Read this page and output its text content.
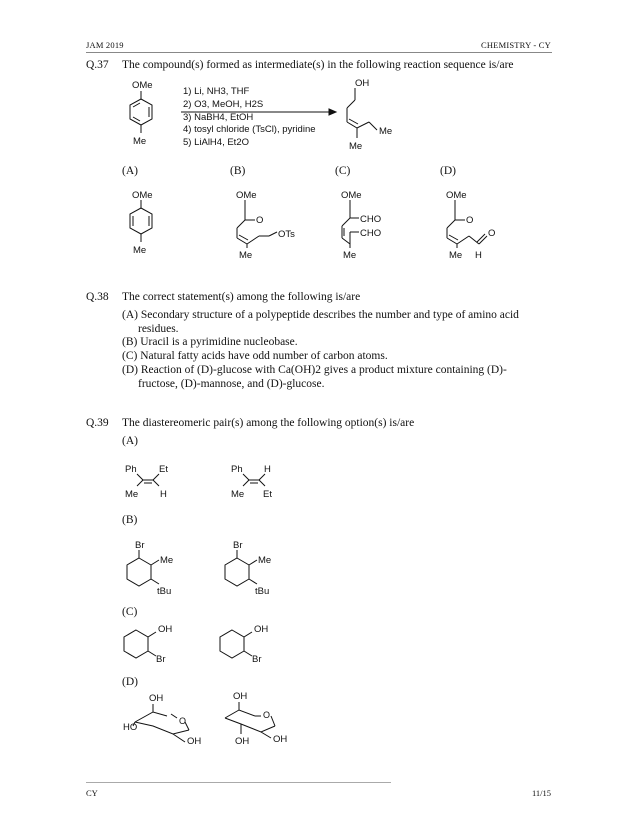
JAM 2019	CHEMISTRY - CY
Q.37 The compound(s) formed as intermediate(s) in the following reaction sequence is/are
OMe
Me
1) Li, NH3, THF
2) O3, MeOH, H2S
3) NaBH4, EtOH
4) tosyl chloride (TsCl), pyridine
5) LiAlH4, Et2O
OH
Me
Me
(A)	(B)	(C)	(D)
OMe
Me
OMe
O
OTs
Me
OMe
CHO
CHO
Me
OMe
O
O
H
Me
Q.38 The correct statement(s) among the following is/are
(A) Secondary structure of a polypeptide describes the number and type of amino acid
residues.
(B) Uracil is a pyrimidine nucleobase.
(C) Natural fatty acids have odd number of carbon atoms.
(D) Reaction of (D)-glucose with Ca(OH)2 gives a product mixture containing (D)-
fructose, (D)-mannose, and (D)-glucose.
Q.39 The diastereomeric pair(s) among the following option(s) is/are
(A)
Ph Et
Me H
Ph H
Me Et
(B)
Br
Me
tBu
Br
Me
tBu
(C)
OH
Br
OH
Br
(D)
OH
O
HO
OH
OH
O
OH	OH
CY	11/15
